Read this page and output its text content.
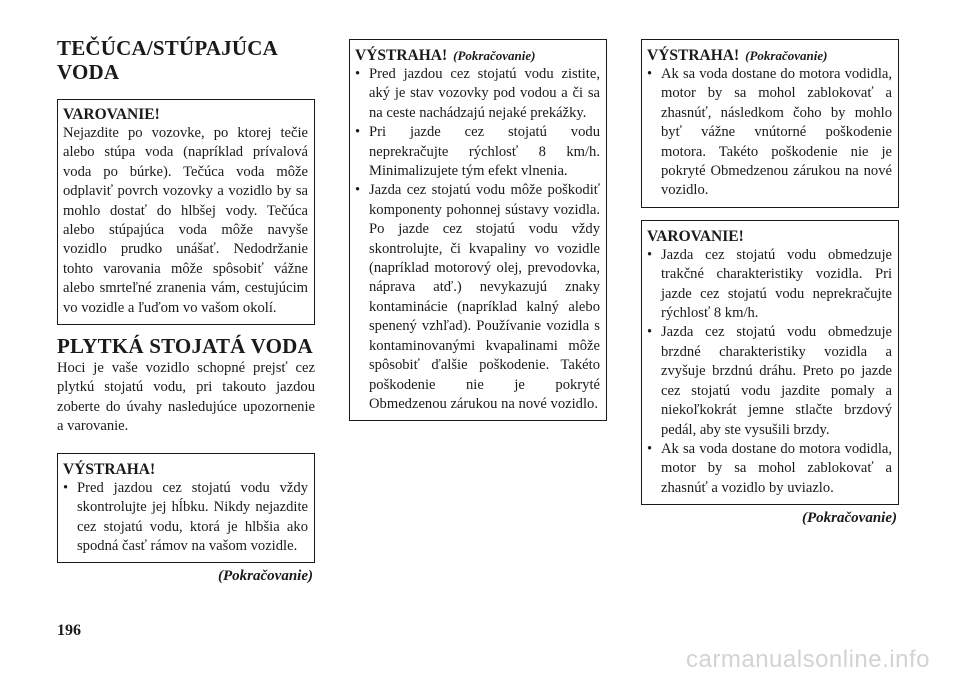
TEČÚCA/STÚPAJÚCA VODA
VAROVANIE!

Nejazdite po vozovke, po ktorej tečie alebo stúpa voda (napríklad prívalová voda po búrke). Tečúca voda môže odplaviť povrch vozovky a vozidlo by sa mohlo dostať do hlbšej vody. Tečúca alebo stúpajúca voda môže navyše vozidlo prudko unášať. Nedodržanie tohto varovania môže spôsobiť vážne alebo smrteľné zranenia vám, cestujúcim vo vozidle a ľuďom vo vašom okolí.

PLYTKÁ STOJATÁ VODA

Hoci je vaše vozidlo schopné prejsť cez plytkú stojatú vodu, pri takouto jazdou zoberte do úvahy nasledujúce upozornenie a varovanie.

VÝSTRAHA!
• Pred jazdou cez stojatú vodu vždy skontrolujte jej hĺbku. Nikdy nejazdite cez stojatú vodu, ktorá je hlbšia ako spodná časť rámov na vašom vozidle.
(Pokračovanie)
VÝSTRAHA! (Pokračovanie)
• Pred jazdou cez stojatú vodu zistite, aký je stav vozovky pod vodou a či sa na ceste nachádzajú nejaké prekážky.
• Pri jazde cez stojatú vodu neprekračujte rýchlosť 8 km/h. Minimalizujete tým efekt vlnenia.
• Jazda cez stojatú vodu môže poškodiť komponenty pohonnej sústavy vozidla. Po jazde cez stojatú vodu vždy skontrolujte, či kvapaliny vo vozidle (napríklad motorový olej, prevodovka, náprava atď.) nevykazujú znaky kontaminácie (napríklad kalný alebo spenený vzhľad). Používanie vozidla s kontaminovanými kvapalinami môže spôsobiť ďalšie poškodenie. Takéto poškodenie nie je pokryté Obmedzenou zárukou na nové vozidlo.
VÝSTRAHA! (Pokračovanie)
• Ak sa voda dostane do motora vodidla, motor by sa mohol zablokovať a zhasnúť, následkom čoho by mohlo byť vážne vnútorné poškodenie motora. Takéto poškodenie nie je pokryté Obmedzenou zárukou na nové vozidlo.
VAROVANIE!
• Jazda cez stojatú vodu obmedzuje trakčné charakteristiky vozidla. Pri jazde cez stojatú vodu neprekračujte rýchlosť 8 km/h.
• Jazda cez stojatú vodu obmedzuje brzdné charakteristiky vozidla a zvyšuje brzdnú dráhu. Preto po jazde cez stojatú vodu jazdite pomaly a niekoľkokrát jemne stlačte brzdový pedál, aby ste vysušili brzdy.
• Ak sa voda dostane do motora vodidla, motor by sa mohol zablokovať a zhasnúť a vozidlo by uviazlo.
(Pokračovanie)
196
carmanualsonline.info
